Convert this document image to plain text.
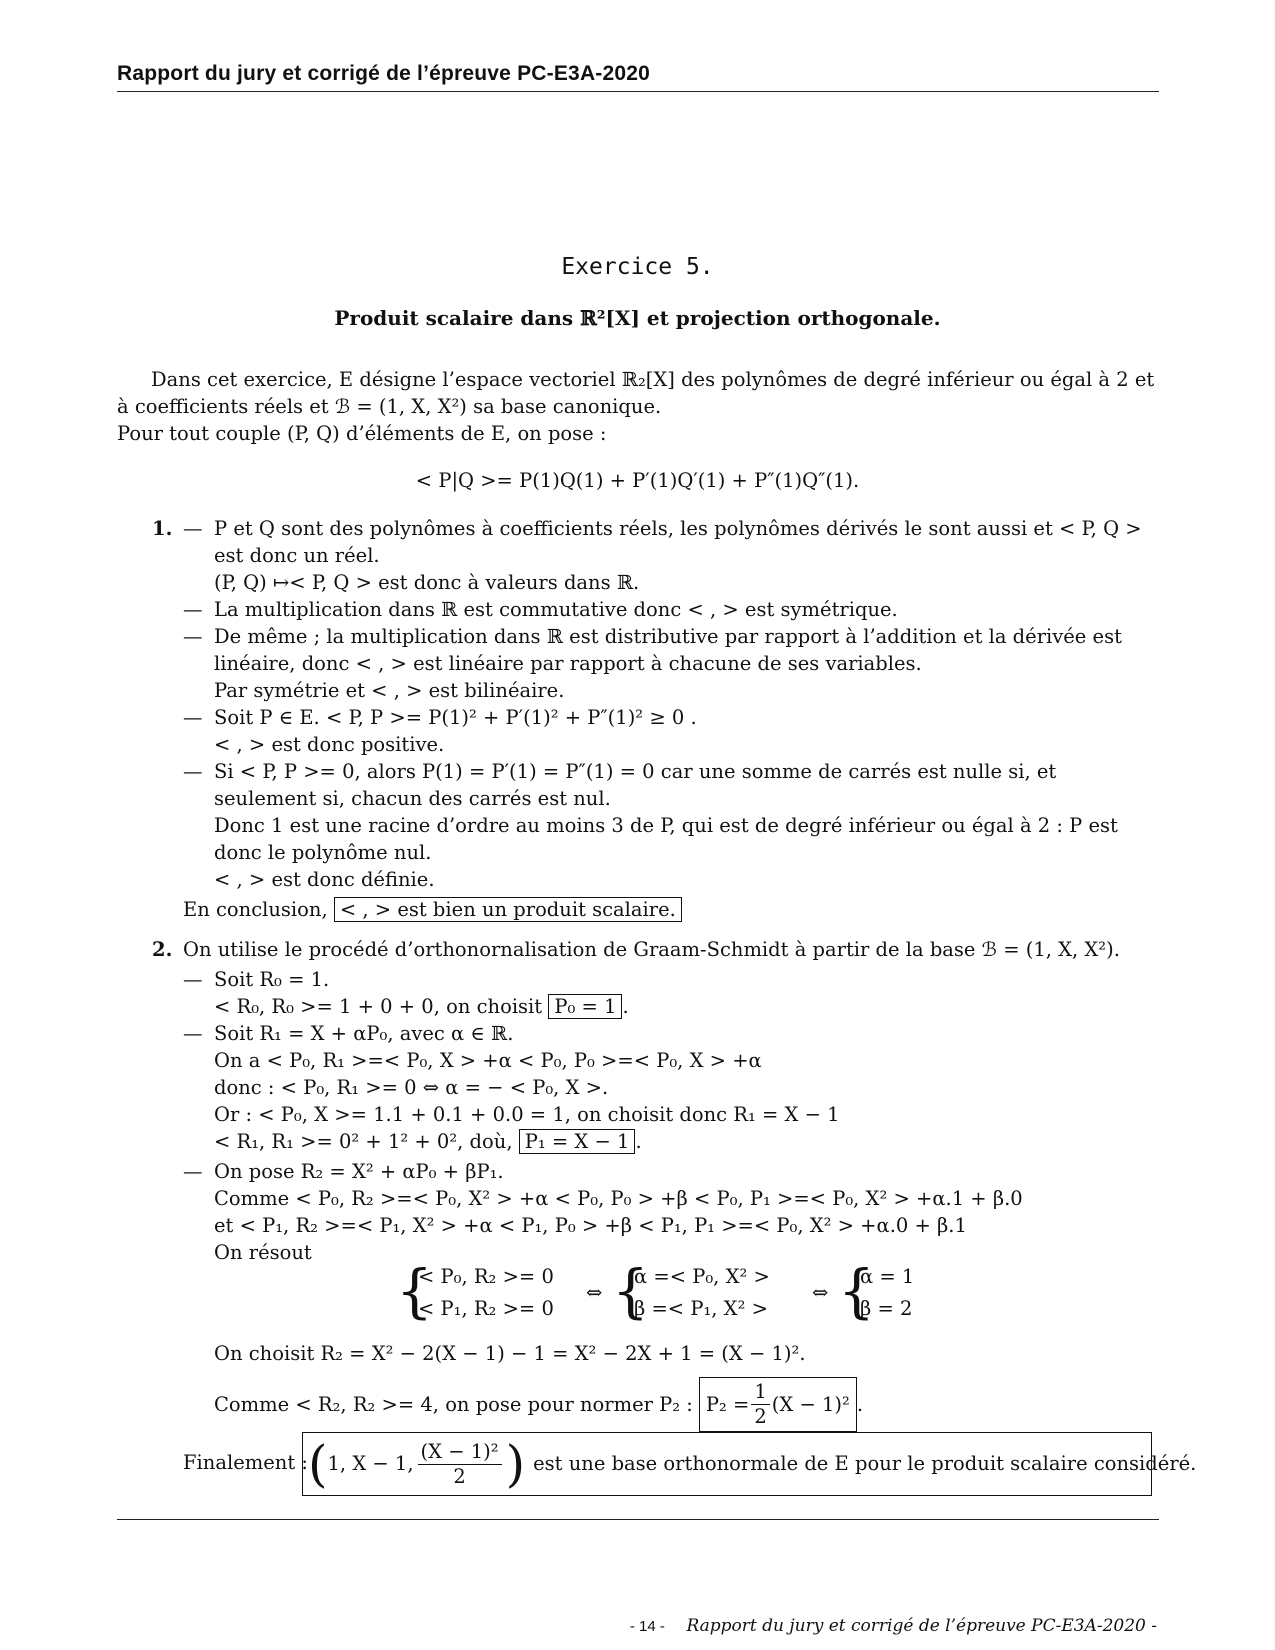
Rapport du jury et corrigé de l’épreuve PC-E3A-2020
Exercice 5.
Produit scalaire dans ℝ²[X] et projection orthogonale.
Dans cet exercice, E désigne l’espace vectoriel ℝ₂[X] des polynômes de degré inférieur ou égal à 2 et
à coefficients réels et ℬ = (1, X, X²) sa base canonique.
Pour tout couple (P, Q) d’éléments de E, on pose :
< P|Q >= P(1)Q(1) + P′(1)Q′(1) + P″(1)Q″(1).
1. — P et Q sont des polynômes à coefficients réels, les polynômes dérivés le sont aussi et < P, Q >
est donc un réel.
(P, Q) ↦< P, Q > est donc à valeurs dans ℝ.
— La multiplication dans ℝ est commutative donc < , > est symétrique.
— De même ; la multiplication dans ℝ est distributive par rapport à l’addition et la dérivée est
linéaire, donc < , > est linéaire par rapport à chacune de ses variables.
Par symétrie et < , > est bilinéaire.
— Soit P ∈ E. < P, P >= P(1)² + P′(1)² + P″(1)² ≥ 0 .
< , > est donc positive.
— Si < P, P >= 0, alors P(1) = P′(1) = P″(1) = 0 car une somme de carrés est nulle si, et
seulement si, chacun des carrés est nul.
Donc 1 est une racine d’ordre au moins 3 de P, qui est de degré inférieur ou égal à 2 : P est
donc le polynôme nul.
< , > est donc définie.
En conclusion, < , > est bien un produit scalaire.
2. On utilise le procédé d’orthonornalisation de Graam-Schmidt à partir de la base ℬ = (1, X, X²).
— Soit R₀ = 1.
< R₀, R₀ >= 1 + 0 + 0, on choisit P₀ = 1 .
— Soit R₁ = X + αP₀, avec α ∈ ℝ.
On a < P₀, R₁ >=< P₀, X > +α < P₀, P₀ >=< P₀, X > +α
donc : < P₀, R₁ >= 0 ⇔ α = − < P₀, X >.
Or : < P₀, X >= 1.1 + 0.1 + 0.0 = 1, on choisit donc R₁ = X − 1
< R₁, R₁ >= 0² + 1² + 0², doù, P₁ = X − 1 .
— On pose R₂ = X² + αP₀ + βP₁.
Comme < P₀, R₂ >=< P₀, X² > +α < P₀, P₀ > +β < P₀, P₁ >=< P₀, X² > +α.1 + β.0
et < P₁, R₂ >=< P₁, X² > +α < P₁, P₀ > +β < P₁, P₁ >=< P₀, X² > +α.0 + β.1
On résout
{
< P₀, R₂ >= 0
< P₁, R₂ >= 0
⇔ {
α =< P₀, X² >
β =< P₁, X² >
⇔ {
α = 1
β = 2
On choisit R₂ = X² − 2(X − 1) − 1 = X² − 2X + 1 = (X − 1)².
Comme < R₂, R₂ >= 4, on pose pour normer P₂ : $P_2 = \frac{1}{2} (X - 1)^2$ .
Finalement : ( 1, X − 1, $\frac{\text{(X − 1)²}}{2}$ ) est une base orthonormale de E pour le produit scalaire considéré.
- 14 - Rapport du jury et corrigé de l’épreuve PC-E3A-2020 -
